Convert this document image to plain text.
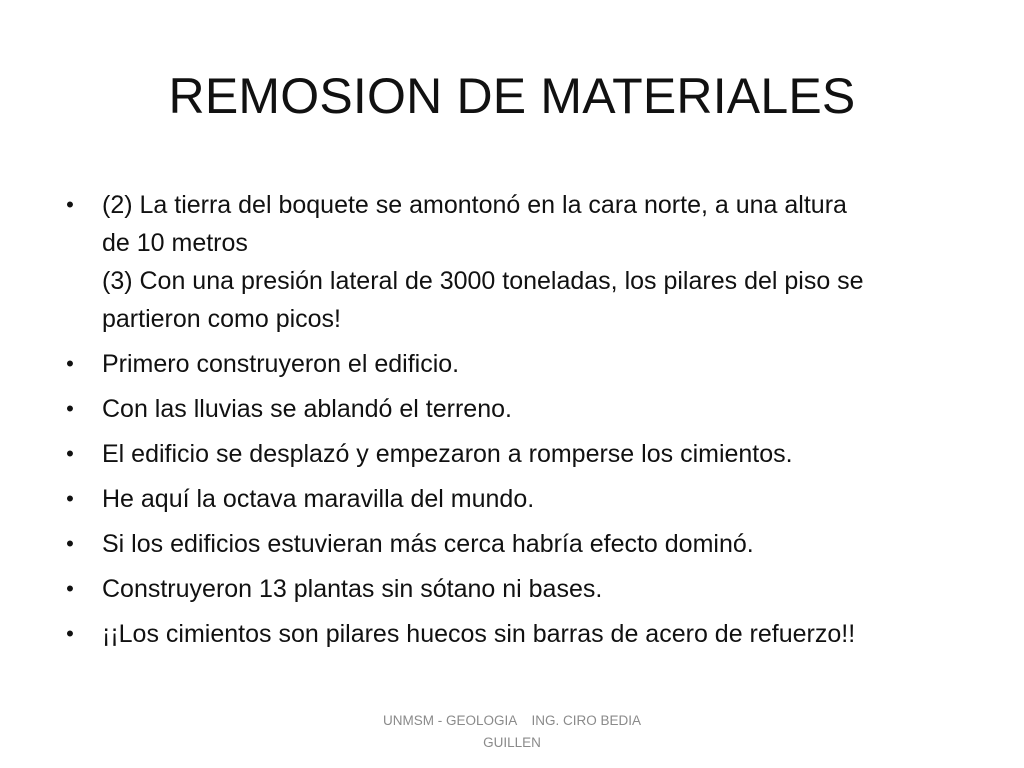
REMOSION DE MATERIALES
• (2) La tierra del boquete se amontonó en la cara norte, a una altura
de 10 metros
(3) Con una presión lateral de 3000 toneladas, los pilares del piso se
partieron como picos!
• Primero construyeron el edificio.
• Con las lluvias se ablandó el terreno.
• El edificio se desplazó y empezaron a romperse los cimientos.
• He aquí la octava maravilla del mundo.
• Si los edificios estuvieran más cerca habría efecto dominó.
• Construyeron 13 plantas sin sótano ni bases.
• ¡¡Los cimientos son pilares huecos sin barras de acero de refuerzo!!
UNMSM - GEOLOGIA    ING. CIRO BEDIA
GUILLEN
